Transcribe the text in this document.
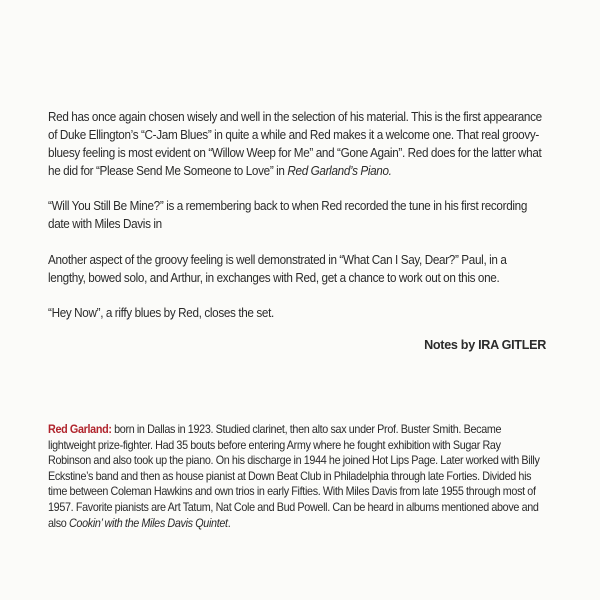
Red has once again chosen wisely and well in the selection of his material. This is the first appearance of Duke Ellington’s “C-Jam Blues” in quite a while and Red makes it a welcome one. That real groovy-bluesy feeling is most evident on “Willow Weep for Me” and “Gone Again”. Red does for the latter what he did for “Please Send Me Someone to Love” in Red Garland’s Piano.

“Will You Still Be Mine?” is a remembering back to when Red recorded the tune in his first recording date with Miles Davis in

Another aspect of the groovy feeling is well demonstrated in “What Can I Say, Dear?” Paul, in a lengthy, bowed solo, and Arthur, in exchanges with Red, get a chance to work out on this one.

“Hey Now”, a riffy blues by Red, closes the set.

Notes by IRA GITLER

Red Garland: born in Dallas in 1923. Studied clarinet, then alto sax under Prof. Buster Smith. Became lightweight prize-fighter. Had 35 bouts before entering Army where he fought exhibition with Sugar Ray Robinson and also took up the piano. On his discharge in 1944 he joined Hot Lips Page. Later worked with Billy Eckstine’s band and then as house pianist at Down Beat Club in Philadelphia through late Forties. Divided his time between Coleman Hawkins and own trios in early Fifties. With Miles Davis from late 1955 through most of 1957. Favorite pianists are Art Tatum, Nat Cole and Bud Powell. Can be heard in albums mentioned above and also Cookin’ with the Miles Davis Quintet.
